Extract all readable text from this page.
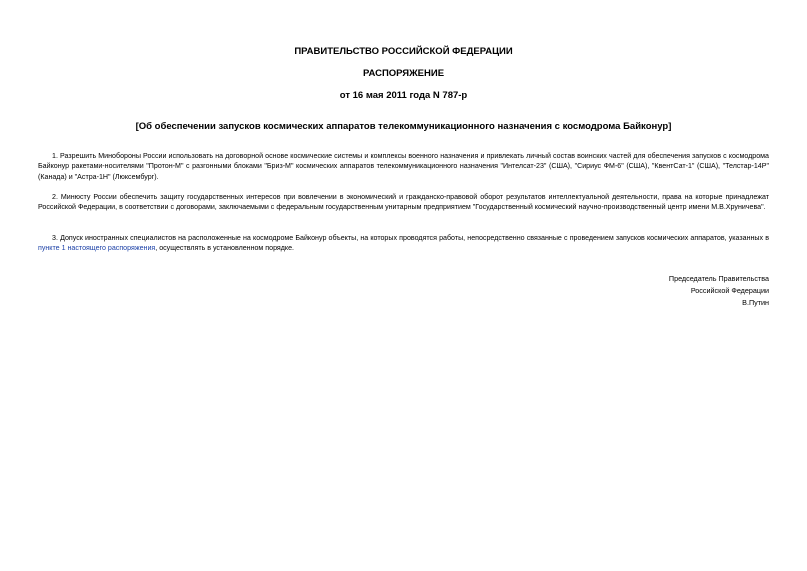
ПРАВИТЕЛЬСТВО РОССИЙСКОЙ ФЕДЕРАЦИИ
РАСПОРЯЖЕНИЕ
от 16 мая 2011 года N 787-р
[Об обеспечении запусков космических аппаратов телекоммуникационного назначения с космодрома Байконур]

1. Разрешить Минобороны России использовать на договорной основе космические системы и комплексы военного назначения и привлекать личный состав воинских частей для обеспечения запусков с космодрома Байконур ракетами-носителями "Протон-М" с разгонными блоками "Бриз-М" космических аппаратов телекоммуникационного назначения "Интелсат-23" (США), "Сириус ФМ-6" (США), "КвентСат-1" (США), "Телстар-14Р" (Канада) и "Астра-1Н" (Люксембург).

2. Минюсту России обеспечить защиту государственных интересов при вовлечении в экономический и гражданско-правовой оборот результатов интеллектуальной деятельности, права на которые принадлежат Российской Федерации, в соответствии с договорами, заключаемыми с федеральным государственным унитарным предприятием "Государственный космический научно-производственный центр имени М.В.Хруничева".

3. Допуск иностранных специалистов на расположенные на космодроме Байконур объекты, на которых проводятся работы, непосредственно связанные с проведением запусков космических аппаратов, указанных в пункте 1 настоящего распоряжения, осуществлять в установленном порядке.

Председатель Правительства
Российской Федерации
В.Путин
